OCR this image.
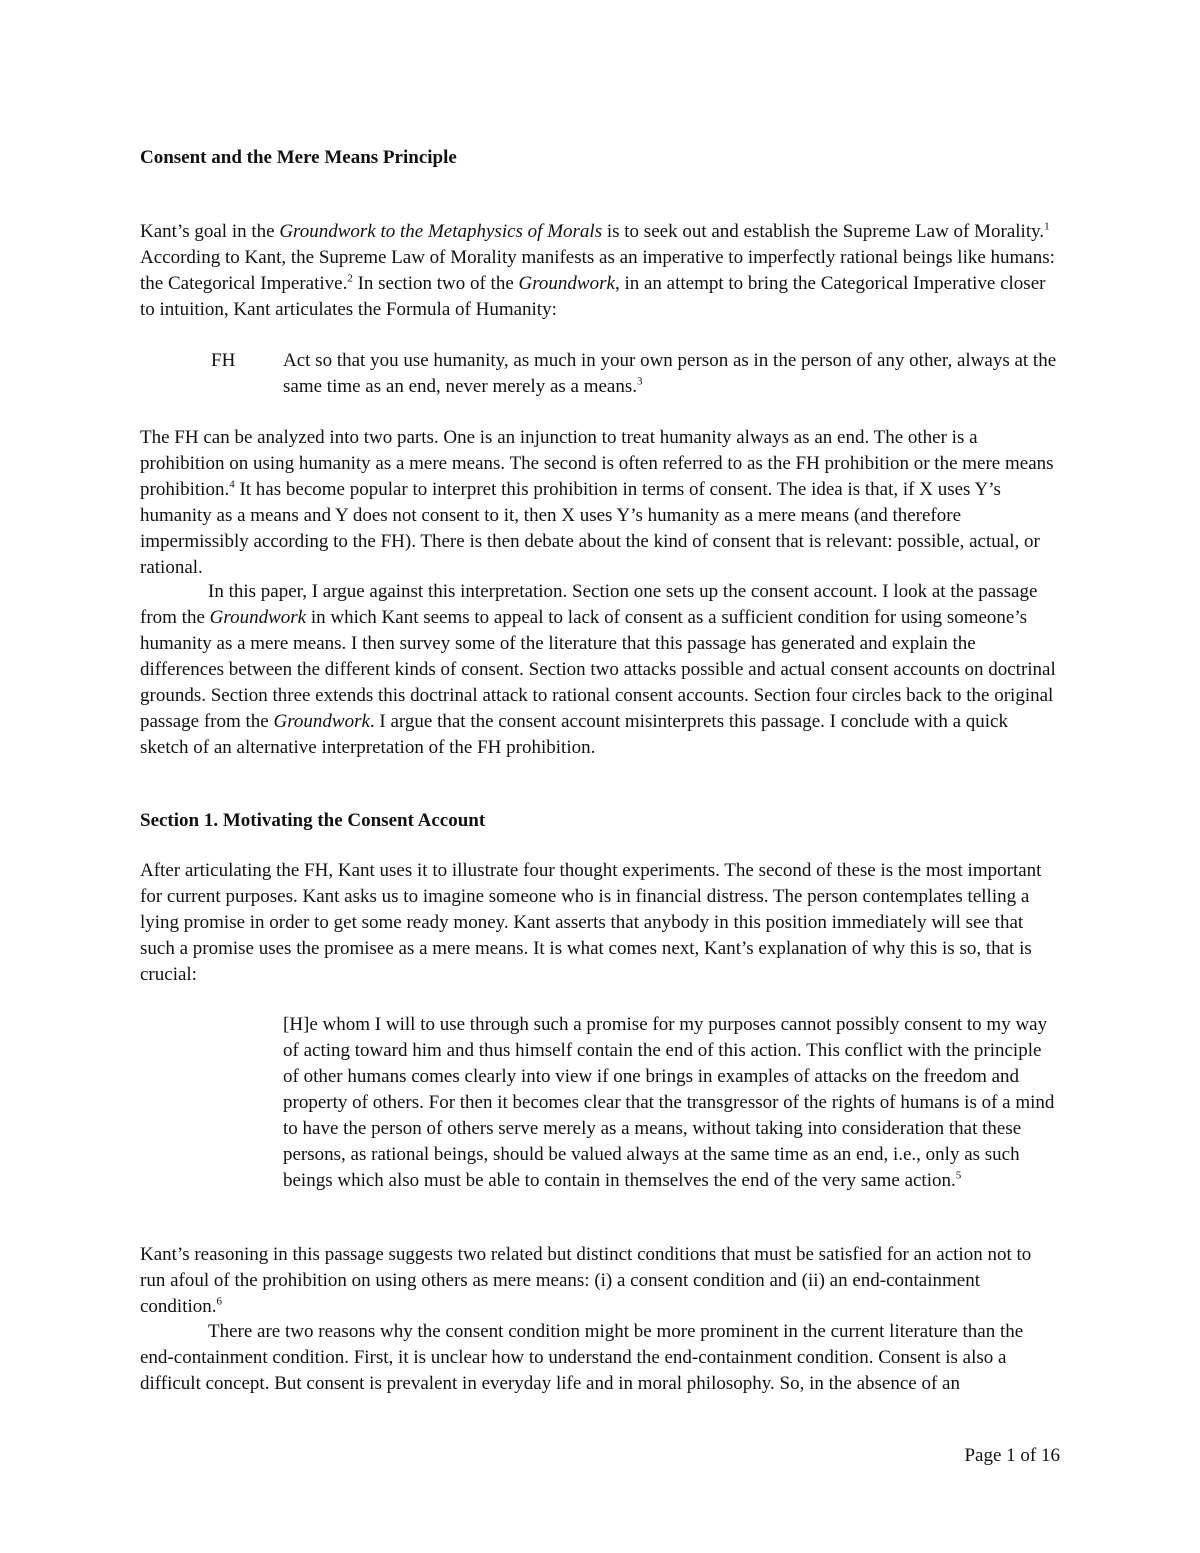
Consent and the Mere Means Principle

Kant’s goal in the Groundwork to the Metaphysics of Morals is to seek out and establish the Supreme Law of Morality.$^1$ According to Kant, the Supreme Law of Morality manifests as an imperative to imperfectly rational beings like humans: the Categorical Imperative.$^2$ In section two of the Groundwork, in an attempt to bring the Categorical Imperative closer to intuition, Kant articulates the Formula of Humanity:

FH	Act so that you use humanity, as much in your own person as in the person of any other, always at the same time as an end, never merely as a means.$^3$

The FH can be analyzed into two parts. One is an injunction to treat humanity always as an end. The other is a prohibition on using humanity as a mere means. The second is often referred to as the FH prohibition or the mere means prohibition.$^4$ It has become popular to interpret this prohibition in terms of consent. The idea is that, if X uses Y’s humanity as a means and Y does not consent to it, then X uses Y’s humanity as a mere means (and therefore impermissibly according to the FH). There is then debate about the kind of consent that is relevant: possible, actual, or rational.

In this paper, I argue against this interpretation. Section one sets up the consent account. I look at the passage from the Groundwork in which Kant seems to appeal to lack of consent as a sufficient condition for using someone’s humanity as a mere means. I then survey some of the literature that this passage has generated and explain the differences between the different kinds of consent. Section two attacks possible and actual consent accounts on doctrinal grounds. Section three extends this doctrinal attack to rational consent accounts. Section four circles back to the original passage from the Groundwork. I argue that the consent account misinterprets this passage. I conclude with a quick sketch of an alternative interpretation of the FH prohibition.

Section 1. Motivating the Consent Account

After articulating the FH, Kant uses it to illustrate four thought experiments. The second of these is the most important for current purposes. Kant asks us to imagine someone who is in financial distress. The person contemplates telling a lying promise in order to get some ready money. Kant asserts that anybody in this position immediately will see that such a promise uses the promisee as a mere means. It is what comes next, Kant’s explanation of why this is so, that is crucial:

[H]e whom I will to use through such a promise for my purposes cannot possibly consent to my way of acting toward him and thus himself contain the end of this action. This conflict with the principle of other humans comes clearly into view if one brings in examples of attacks on the freedom and property of others. For then it becomes clear that the transgressor of the rights of humans is of a mind to have the person of others serve merely as a means, without taking into consideration that these persons, as rational beings, should be valued always at the same time as an end, i.e., only as such beings which also must be able to contain in themselves the end of the very same action.$^5$

Kant’s reasoning in this passage suggests two related but distinct conditions that must be satisfied for an action not to run afoul of the prohibition on using others as mere means: (i) a consent condition and (ii) an end-containment condition.$^6$

There are two reasons why the consent condition might be more prominent in the current literature than the end-containment condition. First, it is unclear how to understand the end-containment condition. Consent is also a difficult concept. But consent is prevalent in everyday life and in moral philosophy. So, in the absence of an

Page 1 of 16
